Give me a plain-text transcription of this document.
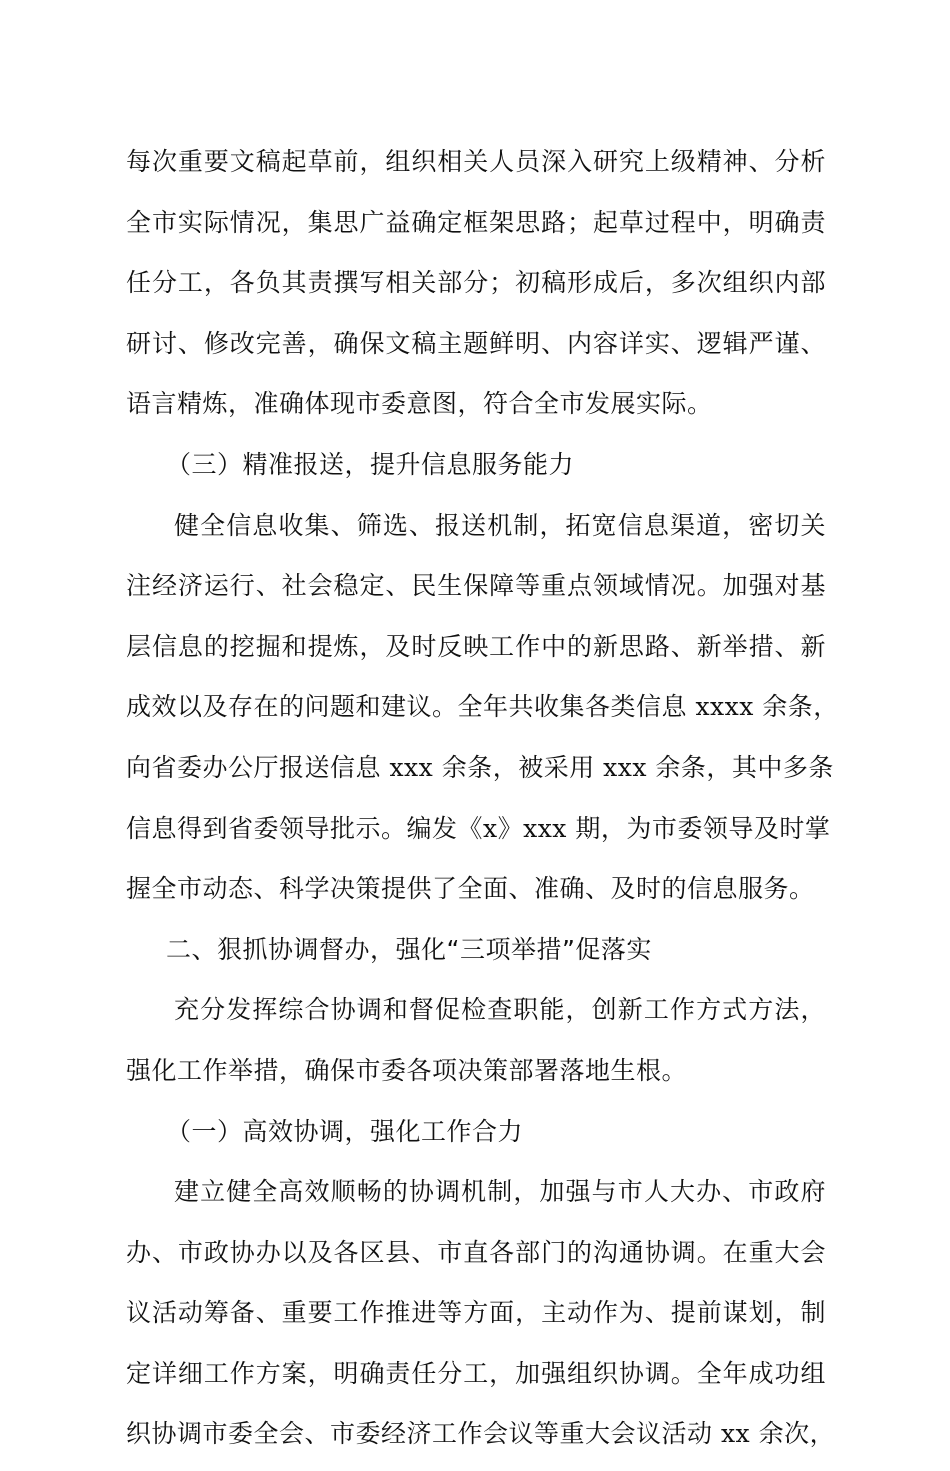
每次重要文稿起草前，组织相关人员深入研究上级精神、分析
全市实际情况，集思广益确定框架思路；起草过程中，明确责
任分工，各负其责撰写相关部分；初稿形成后，多次组织内部
研讨、修改完善，确保文稿主题鲜明、内容详实、逻辑严谨、
语言精炼，准确体现市委意图，符合全市发展实际。
（三）精准报送，提升信息服务能力
健全信息收集、筛选、报送机制，拓宽信息渠道，密切关
注经济运行、社会稳定、民生保障等重点领域情况。加强对基
层信息的挖掘和提炼，及时反映工作中的新思路、新举措、新
成效以及存在的问题和建议。全年共收集各类信息 xxxx 余条，
向省委办公厅报送信息 xxx 余条，被采用 xxx 余条，其中多条
信息得到省委领导批示。编发《x》xxx 期，为市委领导及时掌
握全市动态、科学决策提供了全面、准确、及时的信息服务。
二、狠抓协调督办，强化“三项举措”促落实
充分发挥综合协调和督促检查职能，创新工作方式方法，
强化工作举措，确保市委各项决策部署落地生根。
（一）高效协调，强化工作合力
建立健全高效顺畅的协调机制，加强与市人大办、市政府
办、市政协办以及各区县、市直各部门的沟通协调。在重大会
议活动筹备、重要工作推进等方面，主动作为、提前谋划，制
定详细工作方案，明确责任分工，加强组织协调。全年成功组
织协调市委全会、市委经济工作会议等重大会议活动 xx 余次，
